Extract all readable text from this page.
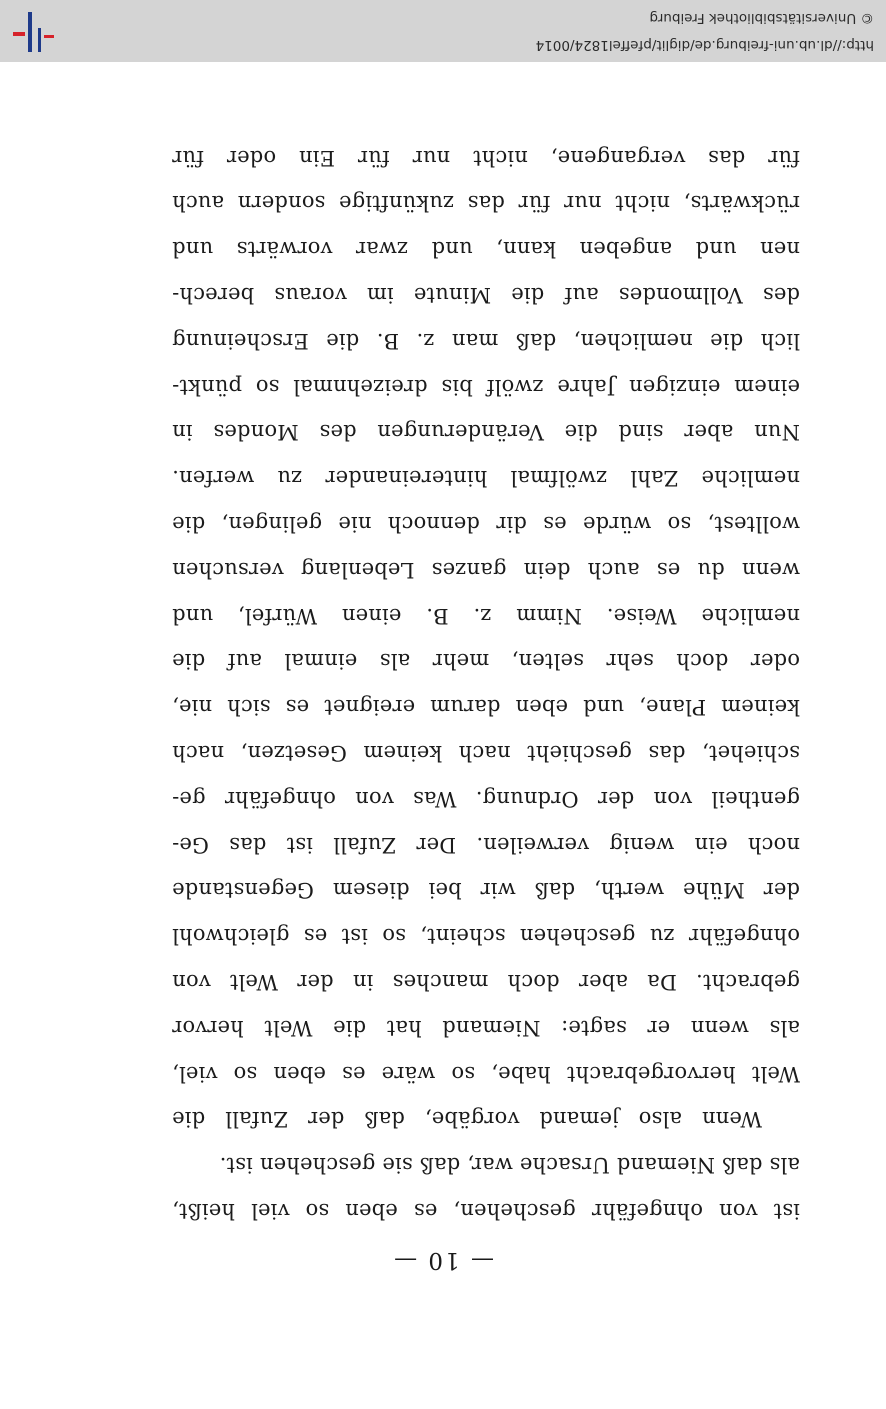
— 10 —
ist von ohngefähr geschehen, es eben so viel heißt,
als daß Niemand Ursache war, daß sie geschehen ist.
Wenn also jemand vorgäbe, daß der Zufall die
Welt hervorgebracht habe, so wäre es eben so viel,
als wenn er sagte: Niemand hat die Welt hervor
gebracht. Da aber doch manches in der Welt von
ohngefähr zu geschehen scheint, so ist es gleichwohl
der Mühe werth, daß wir bei diesem Gegenstande
noch ein wenig verweilen. Der Zufall ist das Ge-
gentheil von der Ordnung. Was von ohngefähr ge-
schiehet, das geschieht nach keinem Gesetzen, nach
keinem Plane, und eben darum ereignet es sich nie,
oder doch sehr selten, mehr als einmal auf die
nemliche Weise. Nimm z. B. einen Würfel, und
wenn du es auch dein ganzes Lebenlang versuchen
wolltest, so würde es dir dennoch nie gelingen, die
nemliche Zahl zwölfmal hintereinander zu werfen.
Nun aber sind die Veränderungen des Mondes in
einem einzigen Jahre zwölf bis dreizehnmal so pünkt-
lich die nemlichen, daß man z. B. die Erscheinung
des Vollmondes auf die Minute im voraus berech-
nen und angeben kann, und zwar vorwärts und
rückwärts, nicht nur für das zukünftige sondern auch
für das vergangene, nicht nur für Ein oder für
http://dl.ub.uni-freiburg.de/diglit/pfeffel1824/0014
© Universitätsbibliothek Freiburg
